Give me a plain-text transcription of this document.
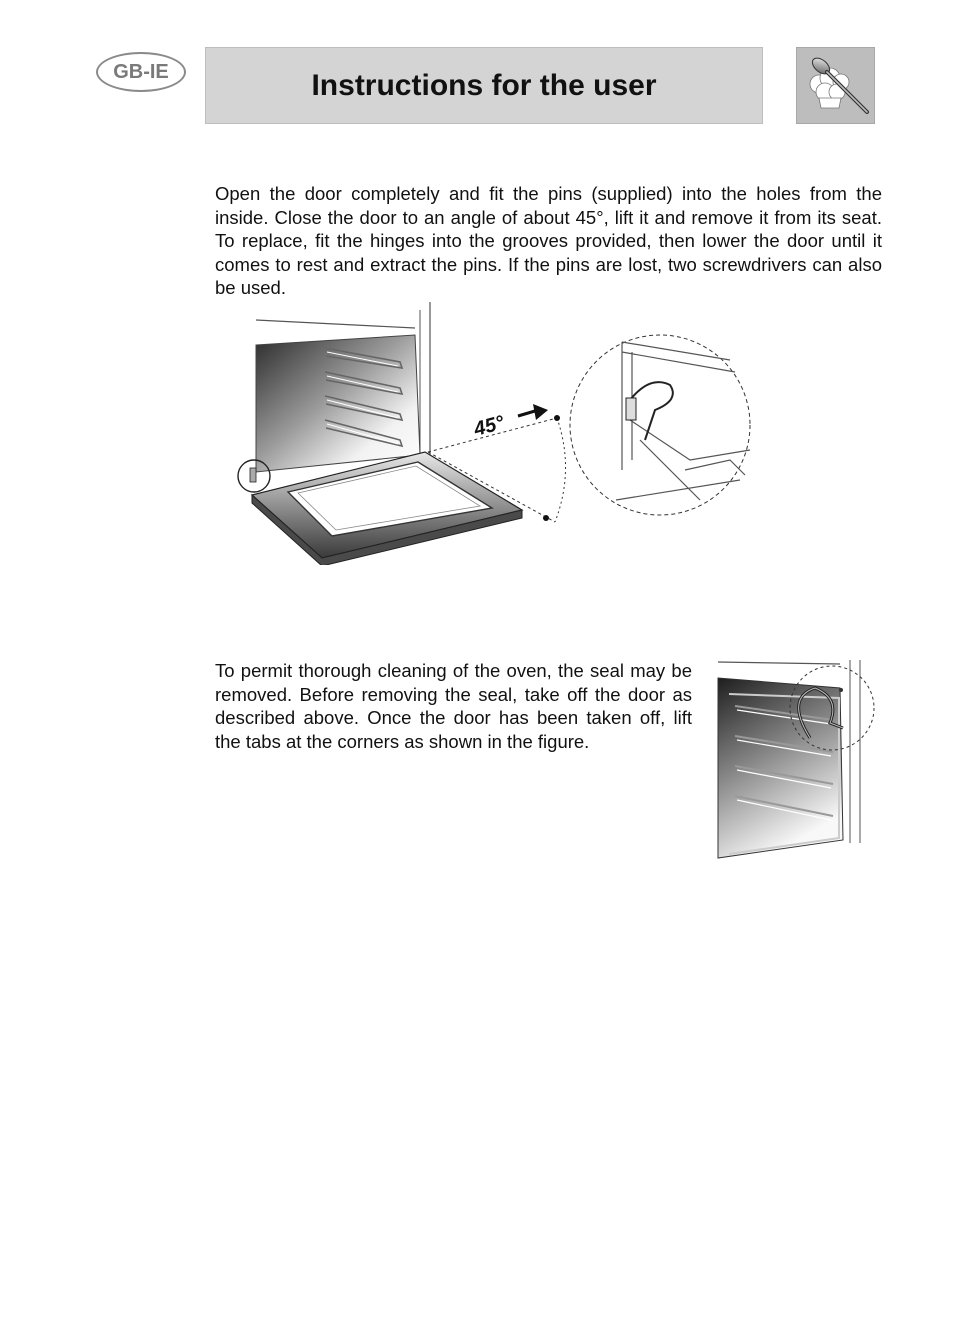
GB-IE	Instructions for the user

Open the door completely and fit the pins (supplied) into the holes from the inside. Close the door to an angle of about 45°, lift it and remove it from its seat. To replace, fit the hinges into the grooves provided, then lower the door until it comes to rest and extract the pins. If the pins are lost, two screwdrivers can also be used.

45°

To permit thorough cleaning of the oven, the seal may be removed. Before removing the seal, take off the door as described above. Once the door has been taken off, lift the tabs at the corners as shown in the figure.
